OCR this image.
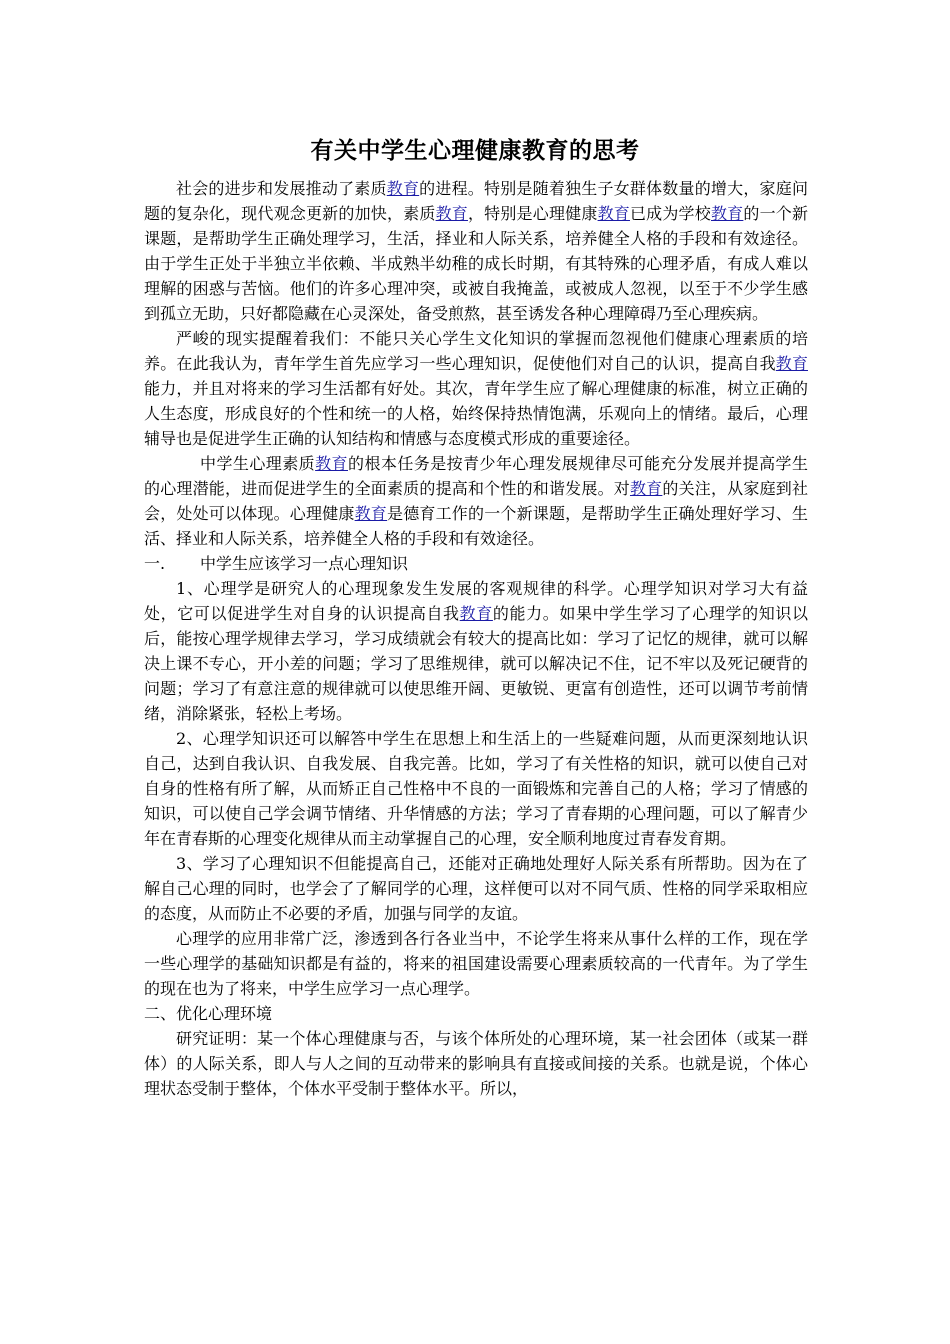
有关中学生心理健康教育的思考

社会的进步和发展推动了素质教育的进程。特别是随着独生子女群体数量的增大，家庭问题的复杂化，现代观念更新的加快，素质教育，特别是心理健康教育已成为学校教育的一个新课题，是帮助学生正确处理学习，生活，择业和人际关系，培养健全人格的手段和有效途径。由于学生正处于半独立半依赖、半成熟半幼稚的成长时期，有其特殊的心理矛盾，有成人难以理解的困惑与苦恼。他们的许多心理冲突，或被自我掩盖，或被成人忽视，以至于不少学生感到孤立无助，只好都隐藏在心灵深处，备受煎熬，甚至诱发各种心理障碍乃至心理疾病。

严峻的现实提醒着我们：不能只关心学生文化知识的掌握而忽视他们健康心理素质的培养。在此我认为，青年学生首先应学习一些心理知识，促使他们对自己的认识，提高自我教育能力，并且对将来的学习生活都有好处。其次，青年学生应了解心理健康的标准，树立正确的人生态度，形成良好的个性和统一的人格，始终保持热情饱满，乐观向上的情绪。最后，心理辅导也是促进学生正确的认知结构和情感与态度模式形成的重要途径。

中学生心理素质教育的根本任务是按青少年心理发展规律尽可能充分发展并提高学生的心理潜能，进而促进学生的全面素质的提高和个性的和谐发展。对教育的关注，从家庭到社会，处处可以体现。心理健康教育是德育工作的一个新课题，是帮助学生正确处理好学习、生活、择业和人际关系，培养健全人格的手段和有效途径。

一. 中学生应该学习一点心理知识

1、心理学是研究人的心理现象发生发展的客观规律的科学。心理学知识对学习大有益处，它可以促进学生对自身的认识提高自我教育的能力。如果中学生学习了心理学的知识以后，能按心理学规律去学习，学习成绩就会有较大的提高比如：学习了记忆的规律，就可以解决上课不专心，开小差的问题；学习了思维规律，就可以解决记不住，记不牢以及死记硬背的问题；学习了有意注意的规律就可以使思维开阔、更敏锐、更富有创造性，还可以调节考前情绪，消除紧张，轻松上考场。

2、心理学知识还可以解答中学生在思想上和生活上的一些疑难问题，从而更深刻地认识自己，达到自我认识、自我发展、自我完善。比如，学习了有关性格的知识，就可以使自己对自身的性格有所了解，从而矫正自己性格中不良的一面锻炼和完善自己的人格；学习了情感的知识，可以使自己学会调节情绪、升华情感的方法；学习了青春期的心理问题，可以了解青少年在青春斯的心理变化规律从而主动掌握自己的心理，安全顺利地度过青春发育期。

3、学习了心理知识不但能提高自己，还能对正确地处理好人际关系有所帮助。因为在了解自己心理的同时，也学会了了解同学的心理，这样便可以对不同气质、性格的同学采取相应的态度，从而防止不必要的矛盾，加强与同学的友谊。

心理学的应用非常广泛，渗透到各行各业当中，不论学生将来从事什么样的工作，现在学一些心理学的基础知识都是有益的，将来的祖国建设需要心理素质较高的一代青年。为了学生的现在也为了将来，中学生应学习一点心理学。

二、优化心理环境

研究证明：某一个体心理健康与否，与该个体所处的心理环境，某一社会团体（或某一群体）的人际关系，即人与人之间的互动带来的影响具有直接或间接的关系。也就是说，个体心理状态受制于整体，个体水平受制于整体水平。所以，
